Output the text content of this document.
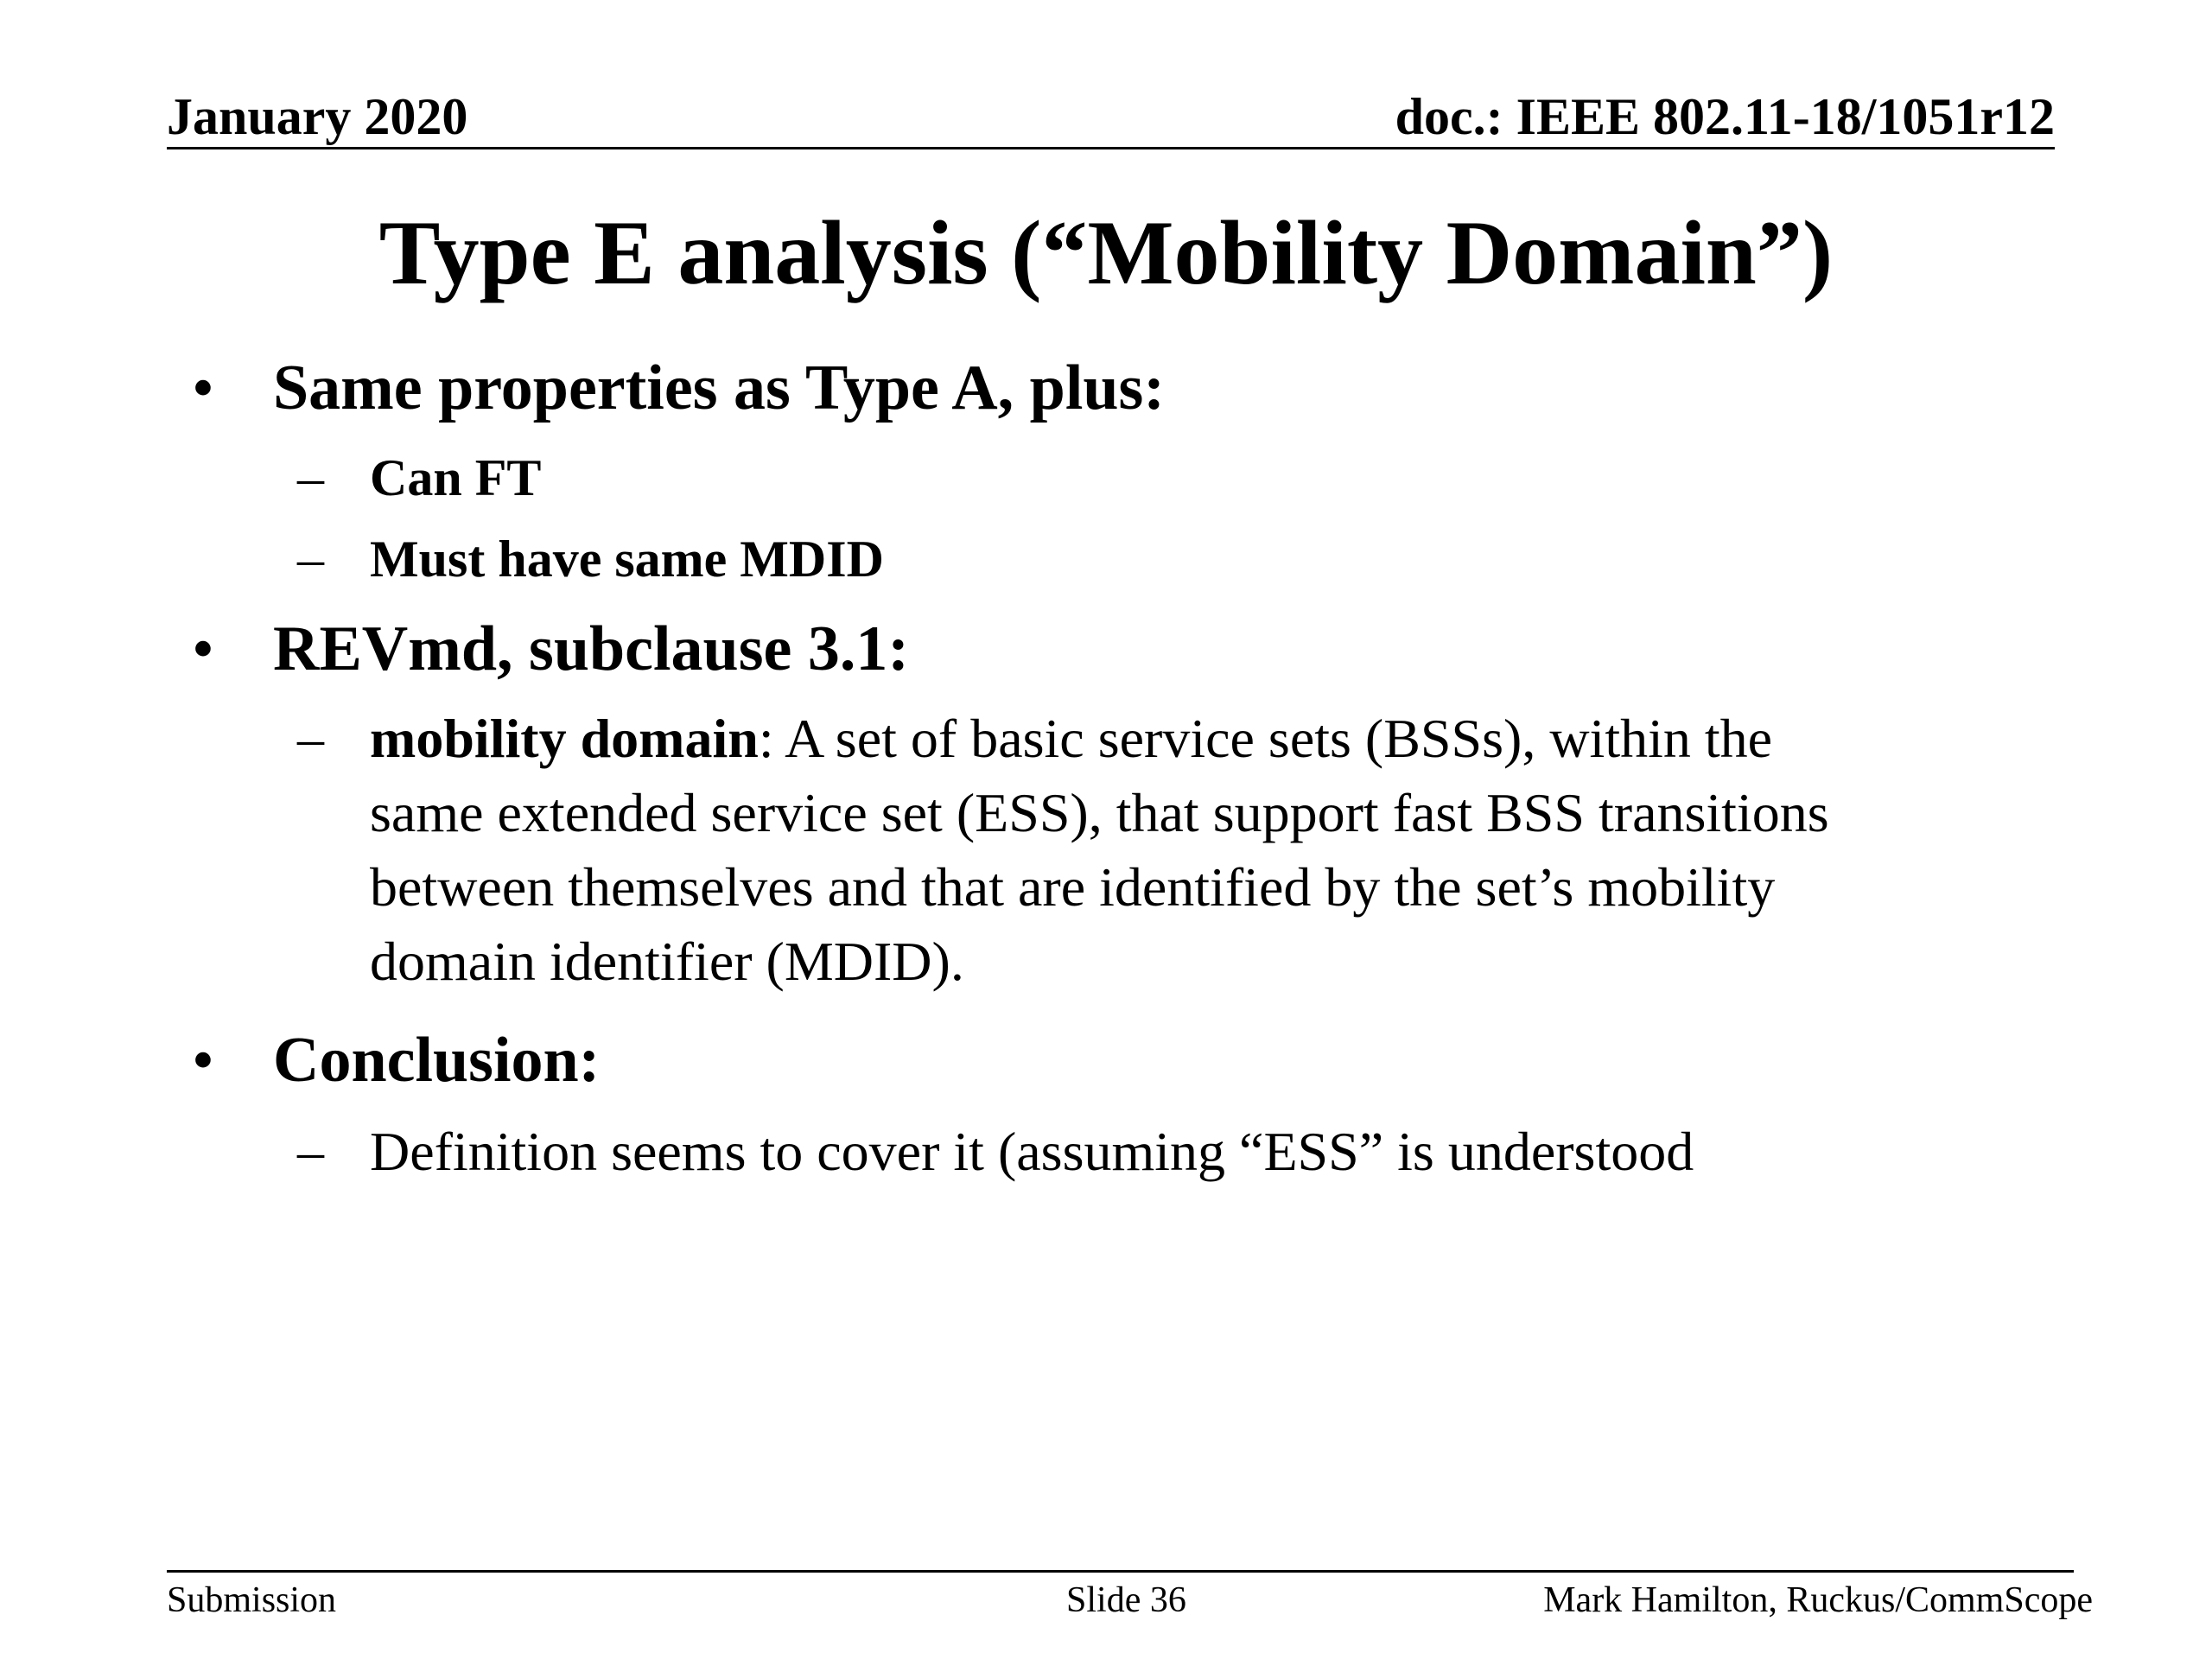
January 2020	doc.: IEEE 802.11-18/1051r12
Type E analysis (“Mobility Domain”)
• Same properties as Type A, plus:
– Can FT
– Must have same MDID
• REVmd, subclause 3.1:
– mobility domain: A set of basic service sets (BSSs), within the
same extended service set (ESS), that support fast BSS transitions
between themselves and that are identified by the set’s mobility
domain identifier (MDID).
• Conclusion:
– Definition seems to cover it (assuming “ESS” is understood
Submission	Slide 36	Mark Hamilton, Ruckus/CommScope
